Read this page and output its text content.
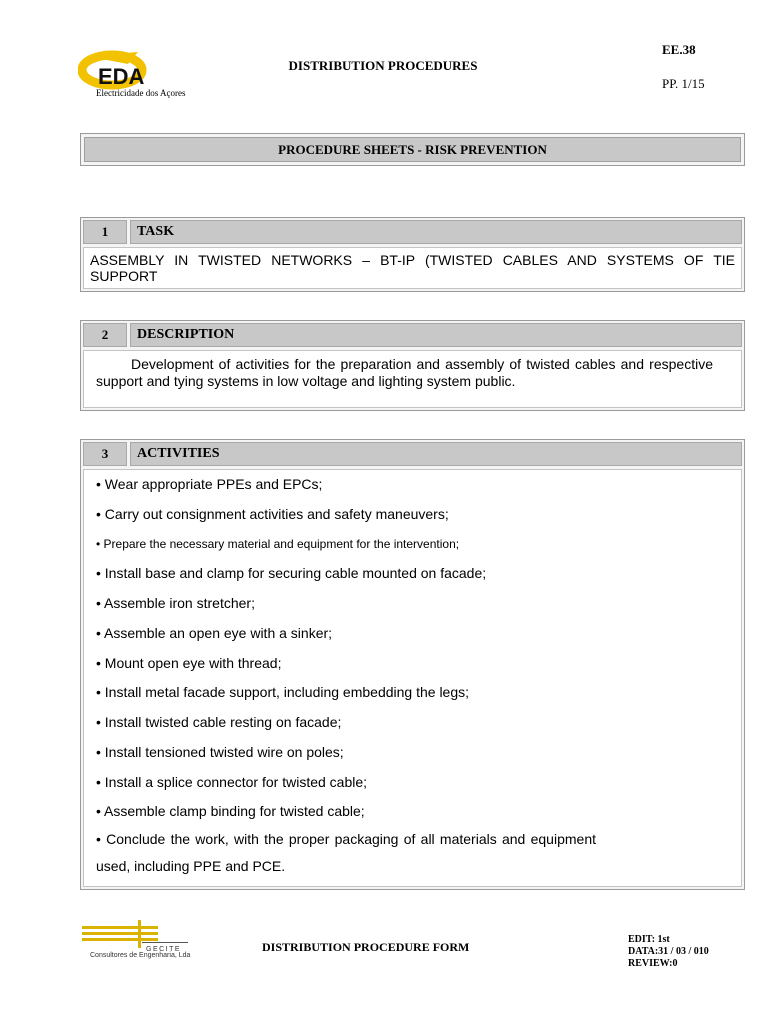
EDA
Electricidade dos Açores
DISTRIBUTION PROCEDURES
EE.38
PP. 1/15
PROCEDURE SHEETS - RISK PREVENTION
1	TASK
ASSEMBLY IN TWISTED NETWORKS – BT-IP (TWISTED CABLES AND SYSTEMS OF TIE SUPPORT
2	DESCRIPTION
Development of activities for the preparation and assembly of twisted cables and respective support and tying systems in low voltage and lighting system public.
3	ACTIVITIES
• Wear appropriate PPEs and EPCs;
• Carry out consignment activities and safety maneuvers;
• Prepare the necessary material and equipment for the intervention;
• Install base and clamp for securing cable mounted on facade;
• Assemble iron stretcher;
• Assemble an open eye with a sinker;
• Mount open eye with thread;
• Install metal facade support, including embedding the legs;
• Install twisted cable resting on facade;
• Install tensioned twisted wire on poles;
• Install a splice connector for twisted cable;
• Assemble clamp binding for twisted cable;
• Conclude the work, with the proper packaging of all materials and equipment used, including PPE and PCE.
GECITE
Consultores de Engenharia, Lda
DISTRIBUTION PROCEDURE FORM
EDIT: 1st
DATA:31 / 03 / 010
REVIEW:0
